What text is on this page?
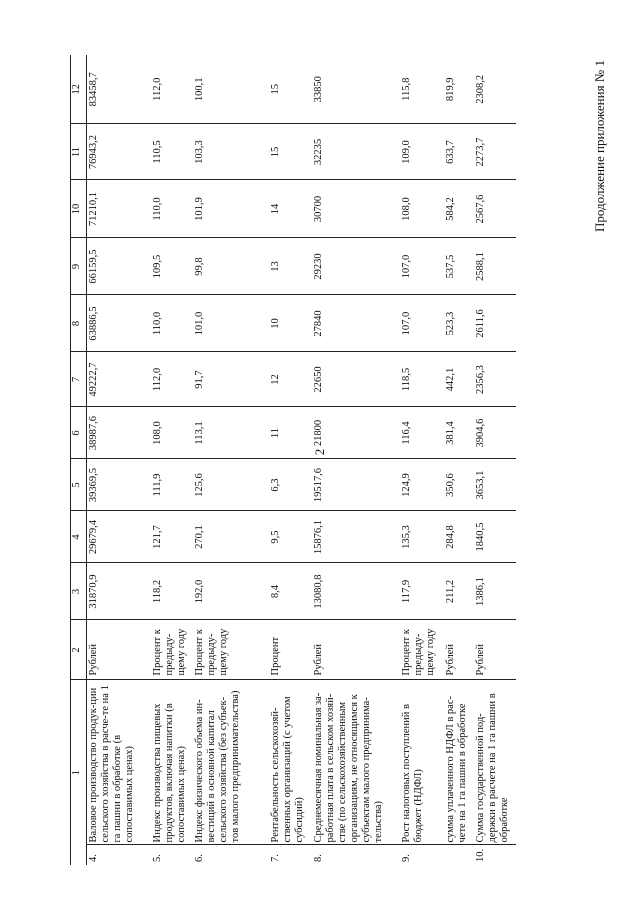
2
Продолжение приложения № 1
1		2	3	4	5	6	7	8	9	10	11	12
4.	Валовое производство продук-ции сельского хозяйства в расче-те на 1 га пашни в обработке (в сопоставимых ценах)	Рублей	31870,9	29679,4	39369,5	38987,6	49222,7	63886,5	66159,5	71210,1	76943,2	83458,7
5.	Индекс производства пищевых продуктов, включая напитки (в сопоставимых ценах)	Процент к предыду-щему году	118,2	121,7	111,9	108,0	112,0	110,0	109,5	110,0	110,5	112,0
6.	Индекс физического объема ин-вестиций в основной капитал сельского хозяйства (без субъек-тов малого предпринимательства)	Процент к предыду-щему году	192,0	270,1	125,6	113,1	91,7	101,0	99,8	101,9	103,3	100,1
7.	Рентабельность сельскохозяй-ственных организаций (с учетом субсидий)	Процент	8,4	9,5	6,3	11	12	10	13	14	15	15
8.	Среднемесячная номинальная за-работная плата в сельском хозяй-стве (по сельскохозяйственным организациям, не относящимся к субъектам малого предпринима-тельства)	Рублей	13080,8	15876,1	19517,6	21800	22650	27840	29230	30700	32235	33850
9.	Рост налоговых поступлений в бюджет (НДФЛ)	Процент к предыду-щему году	117,9	135,3	124,9	116,4	118,5	107,0	107,0	108,0	109,0	115,8
	сумма уплаченного НДФЛ в рас-чете на 1 га пашни в обработке	Рублей	211,2	284,8	350,6	381,4	442,1	523,3	537,5	584,2	633,7	819,9
10.	Сумма государственной под-держки в расчете на 1 га пашни в обработке	Рублей	1386,1	1840,5	3653,1	3904,6	2356,3	2611,6	2588,1	2567,6	2273,7	2308,2
